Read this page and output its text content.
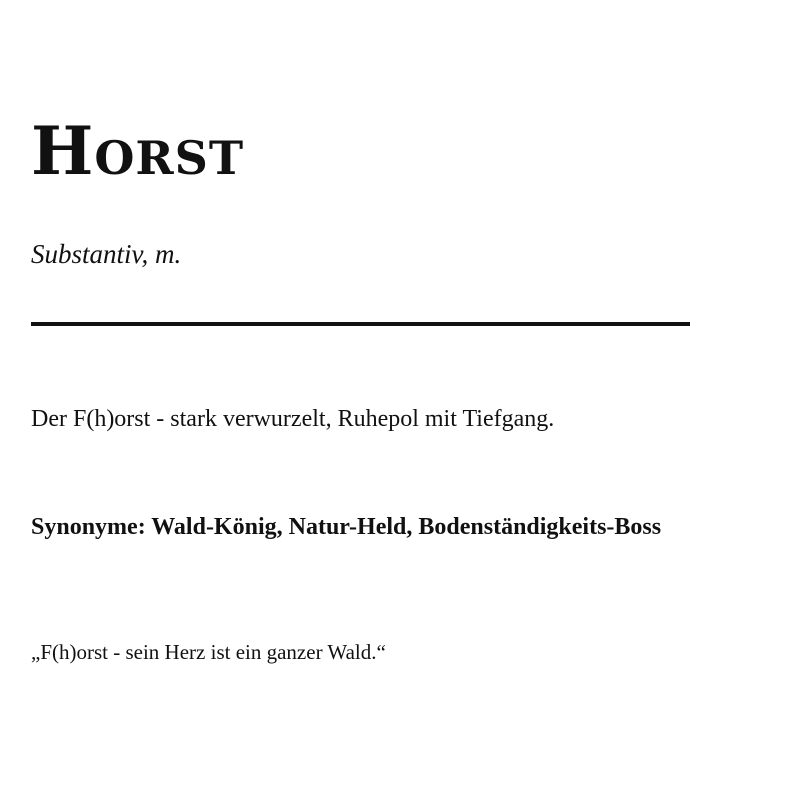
Horst
Substantiv, m.
Der F(h)orst - stark verwurzelt, Ruhepol mit Tiefgang.
Synonyme: Wald-König, Natur-Held, Bodenständigkeits-Boss
„F(h)orst - sein Herz ist ein ganzer Wald.“
